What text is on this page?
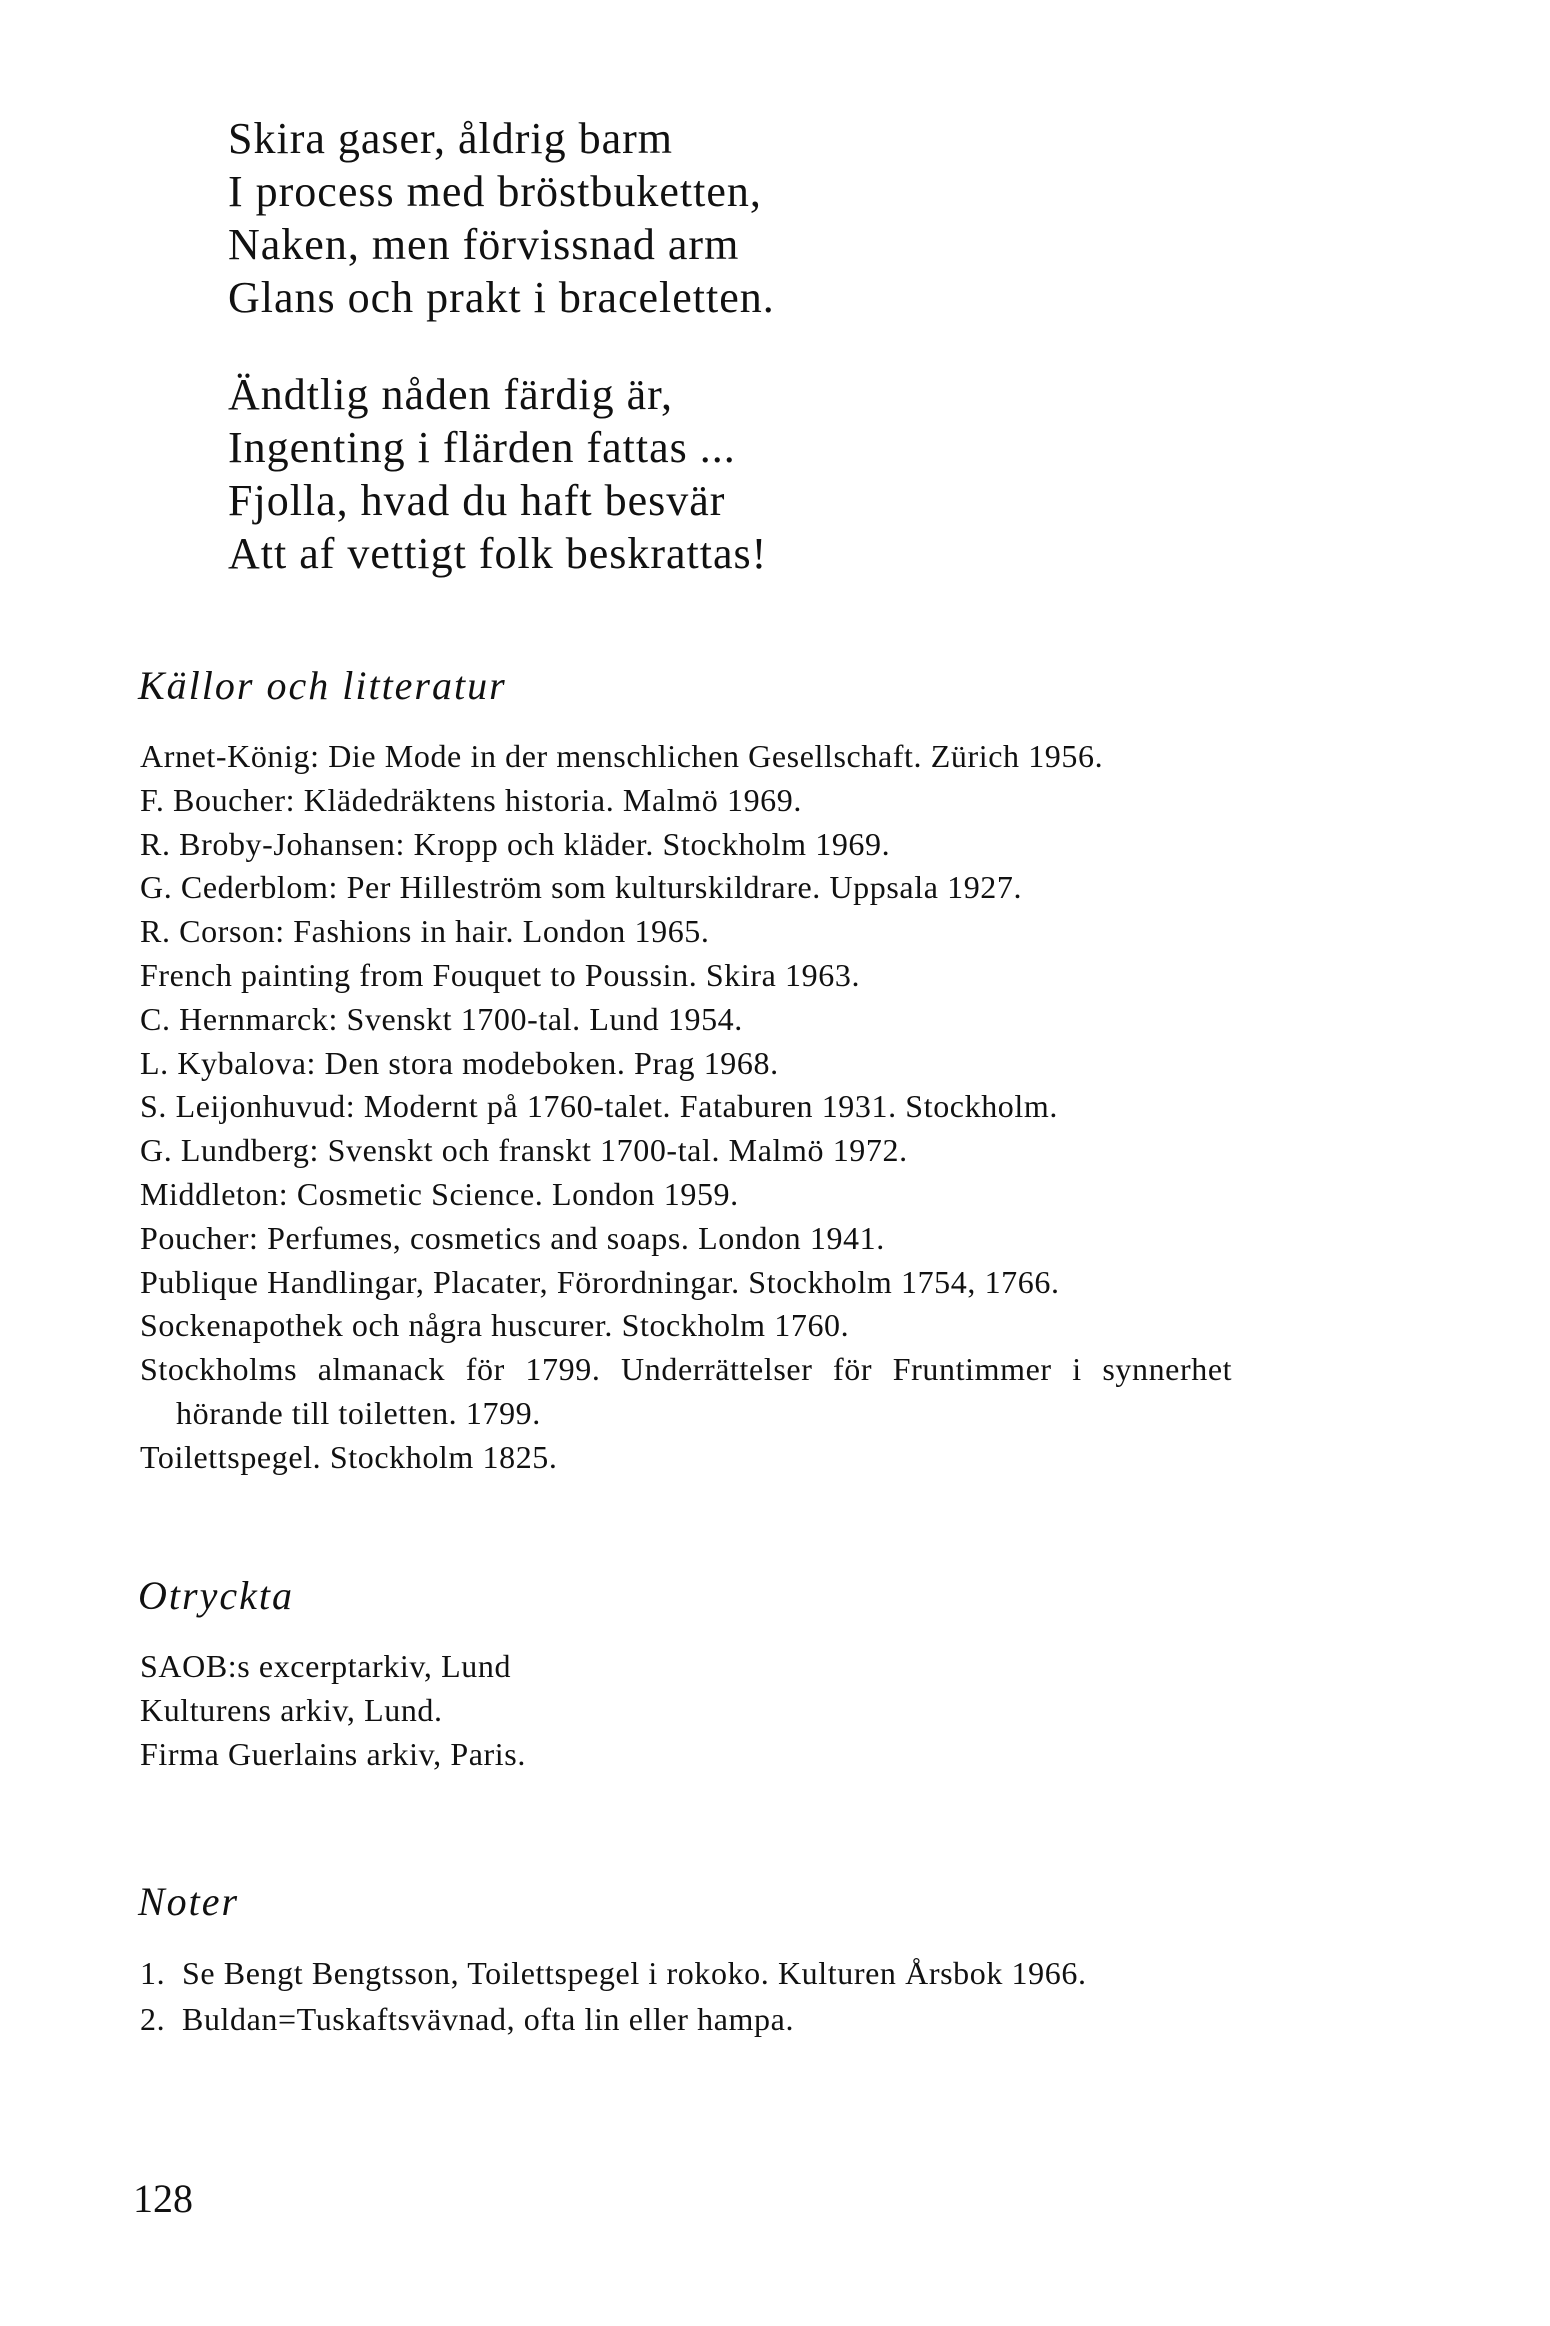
Skira gaser, åldrig barm
I process med bröstbuketten,
Naken, men förvissnad arm
Glans och prakt i braceletten.
Ändtlig nåden färdig är,
Ingenting i flärden fattas ...
Fjolla, hvad du haft besvär
Att af vettigt folk beskrattas!
Källor och litteratur
Arnet-König: Die Mode in der menschlichen Gesellschaft. Zürich 1956.
F. Boucher: Klädedräktens historia. Malmö 1969.
R. Broby-Johansen: Kropp och kläder. Stockholm 1969.
G. Cederblom: Per Hilleström som kulturskildrare. Uppsala 1927.
R. Corson: Fashions in hair. London 1965.
French painting from Fouquet to Poussin. Skira 1963.
C. Hernmarck: Svenskt 1700-tal. Lund 1954.
L. Kybalova: Den stora modeboken. Prag 1968.
S. Leijonhuvud: Modernt på 1760-talet. Fataburen 1931. Stockholm.
G. Lundberg: Svenskt och franskt 1700-tal. Malmö 1972.
Middleton: Cosmetic Science. London 1959.
Poucher: Perfumes, cosmetics and soaps. London 1941.
Publique Handlingar, Placater, Förordningar. Stockholm 1754, 1766.
Sockenapothek och några huscurer. Stockholm 1760.
Stockholms almanack för 1799. Underrättelser för Fruntimmer i synnerhet
hörande till toiletten. 1799.
Toilettspegel. Stockholm 1825.
Otryckta
SAOB:s excerptarkiv, Lund
Kulturens arkiv, Lund.
Firma Guerlains arkiv, Paris.
Noter
1. Se Bengt Bengtsson, Toilettspegel i rokoko. Kulturen Årsbok 1966.
2. Buldan=Tuskaftsvävnad, ofta lin eller hampa.
128
